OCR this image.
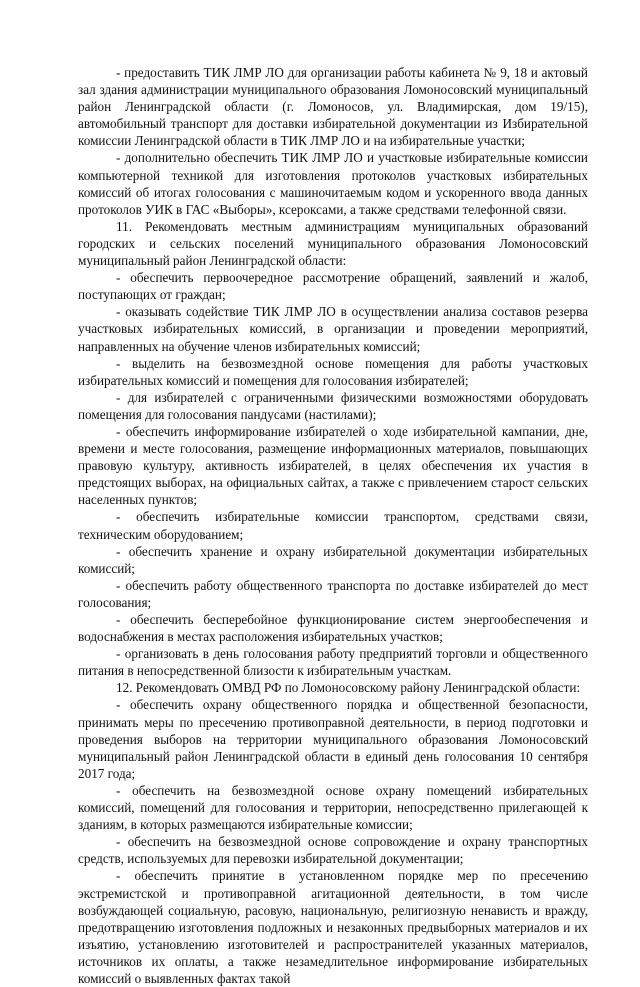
- предоставить ТИК ЛМР ЛО для организации работы кабинета № 9, 18 и актовый зал здания администрации муниципального образования Ломоносовский муниципальный район Ленинградской области (г. Ломоносов, ул. Владимирская, дом 19/15), автомобильный транспорт для доставки избирательной документации из Избирательной комиссии Ленинградской области в ТИК ЛМР ЛО и на избирательные участки;

- дополнительно обеспечить ТИК ЛМР ЛО и участковые избирательные комиссии компьютерной техникой для изготовления протоколов участковых избирательных комиссий об итогах голосования с машиночитаемым кодом и ускоренного ввода данных протоколов УИК в ГАС «Выборы», ксероксами, а также средствами телефонной связи.

11. Рекомендовать местным администрациям муниципальных образований городских и сельских поселений муниципального образования Ломоносовский муниципальный район Ленинградской области:

- обеспечить первоочередное рассмотрение обращений, заявлений и жалоб, поступающих от граждан;

- оказывать содействие ТИК ЛМР ЛО в осуществлении анализа составов резерва участковых избирательных комиссий, в организации и проведении мероприятий, направленных на обучение членов избирательных комиссий;

- выделить на безвозмездной основе помещения для работы участковых избирательных комиссий и помещения для голосования избирателей;

- для избирателей с ограниченными физическими возможностями оборудовать помещения для голосования пандусами (настилами);

- обеспечить информирование избирателей о ходе избирательной кампании, дне, времени и месте голосования, размещение информационных материалов, повышающих правовую культуру, активность избирателей, в целях обеспечения их участия в предстоящих выборах, на официальных сайтах, а также с привлечением старост сельских населенных пунктов;

- обеспечить избирательные комиссии транспортом, средствами связи, техническим оборудованием;

- обеспечить хранение и охрану избирательной документации избирательных комиссий;

- обеспечить работу общественного транспорта по доставке избирателей до мест голосования;

- обеспечить бесперебойное функционирование систем энергообеспечения и водоснабжения в местах расположения избирательных участков;

- организовать в день голосования работу предприятий торговли и общественного питания в непосредственной близости к избирательным участкам.

12. Рекомендовать ОМВД РФ по Ломоносовскому району Ленинградской области:

- обеспечить охрану общественного порядка и общественной безопасности, принимать меры по пресечению противоправной деятельности, в период подготовки и проведения выборов на территории муниципального образования Ломоносовский муниципальный район Ленинградской области в единый день голосования 10 сентября 2017 года;

- обеспечить на безвозмездной основе охрану помещений избирательных комиссий, помещений для голосования и территории, непосредственно прилегающей к зданиям, в которых размещаются избирательные комиссии;

- обеспечить на безвозмездной основе сопровождение и охрану транспортных средств, используемых для перевозки избирательной документации;

- обеспечить принятие в установленном порядке мер по пресечению экстремистской и противоправной агитационной деятельности, в том числе возбуждающей социальную, расовую, национальную, религиозную ненависть и вражду, предотвращению изготовления подложных и незаконных предвыборных материалов и их изъятию, установлению изготовителей и распространителей указанных материалов, источников их оплаты, а также незамедлительное информирование избирательных комиссий о выявленных фактах такой
